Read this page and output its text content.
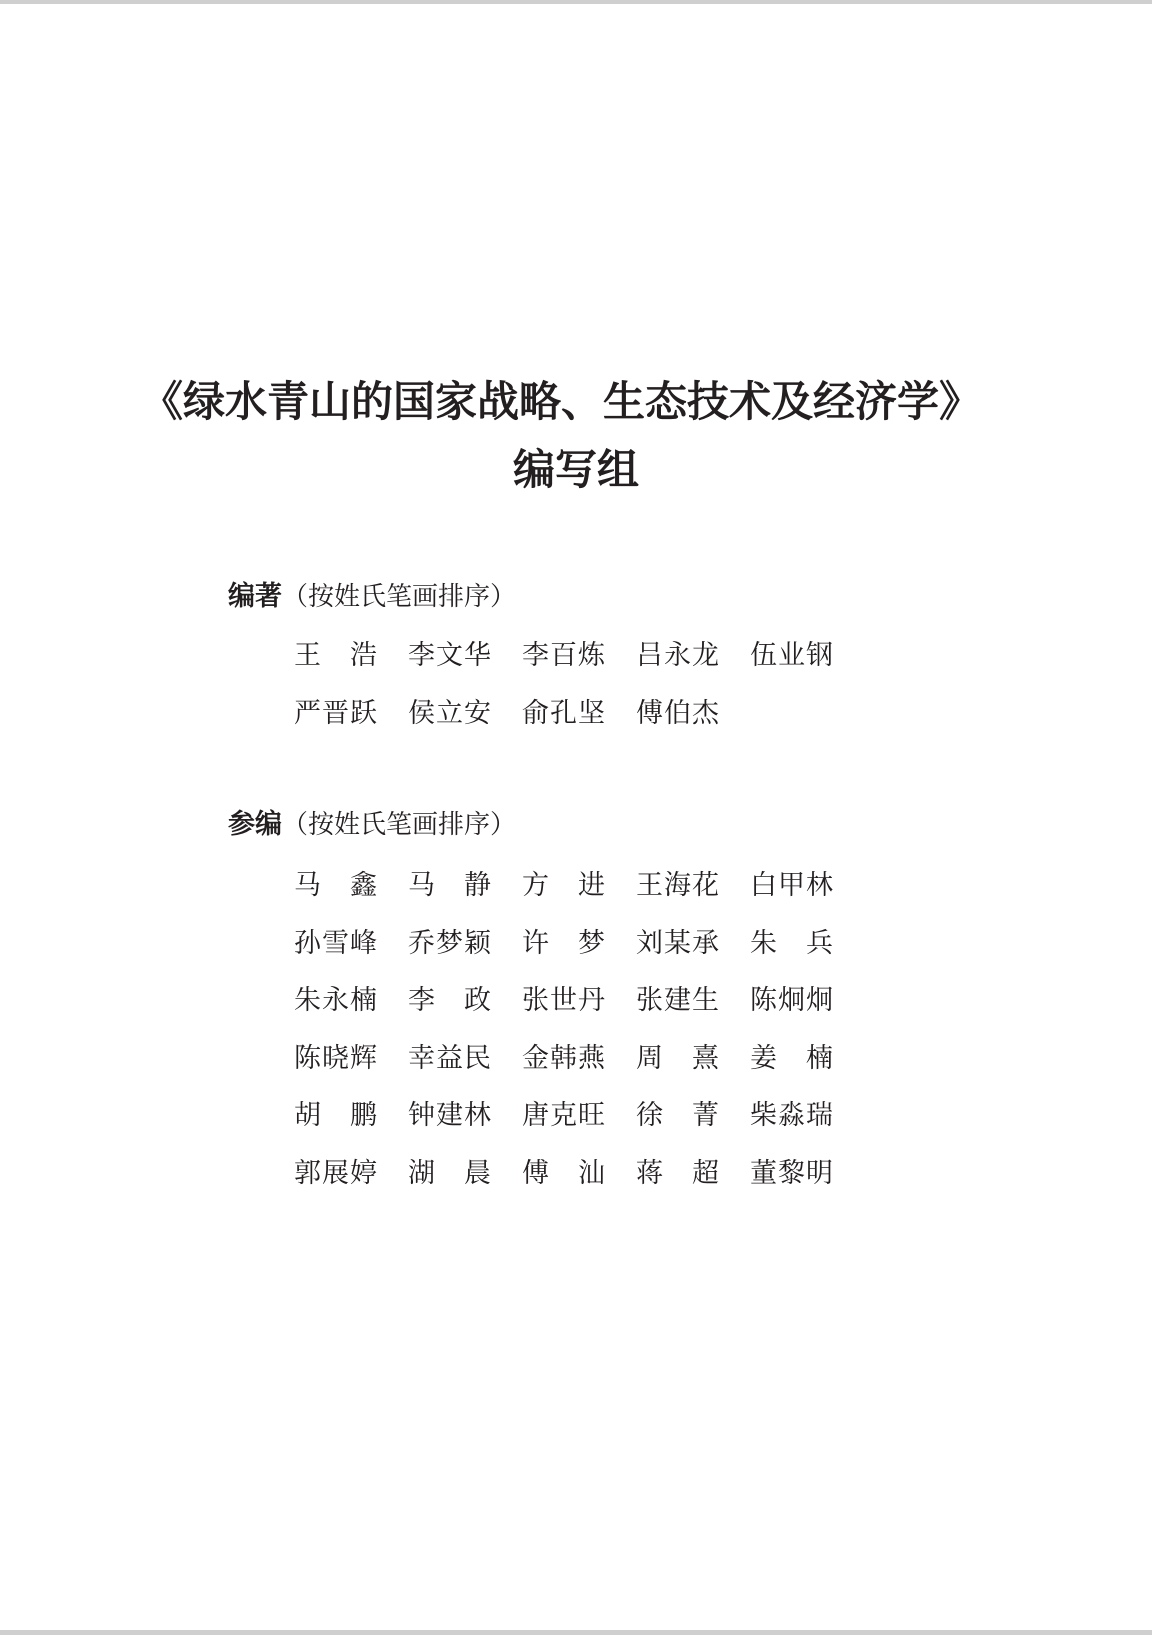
《绿水青山的国家战略、生态技术及经济学》
编写组
编著（按姓氏笔画排序）
王　浩	李文华	李百炼	吕永龙	伍业钢
严晋跃	侯立安	俞孔坚	傅伯杰
参编（按姓氏笔画排序）
马　鑫	马　静	方　进	王海花	白甲林
孙雪峰	乔梦颖	许　梦	刘某承	朱　兵
朱永楠	李　政	张世丹	张建生	陈炯炯
陈晓辉	幸益民	金韩燕	周　熹	姜　楠
胡　鹏	钟建林	唐克旺	徐　菁	柴淼瑞
郭展婷	湖　晨	傅　汕	蒋　超	董黎明
